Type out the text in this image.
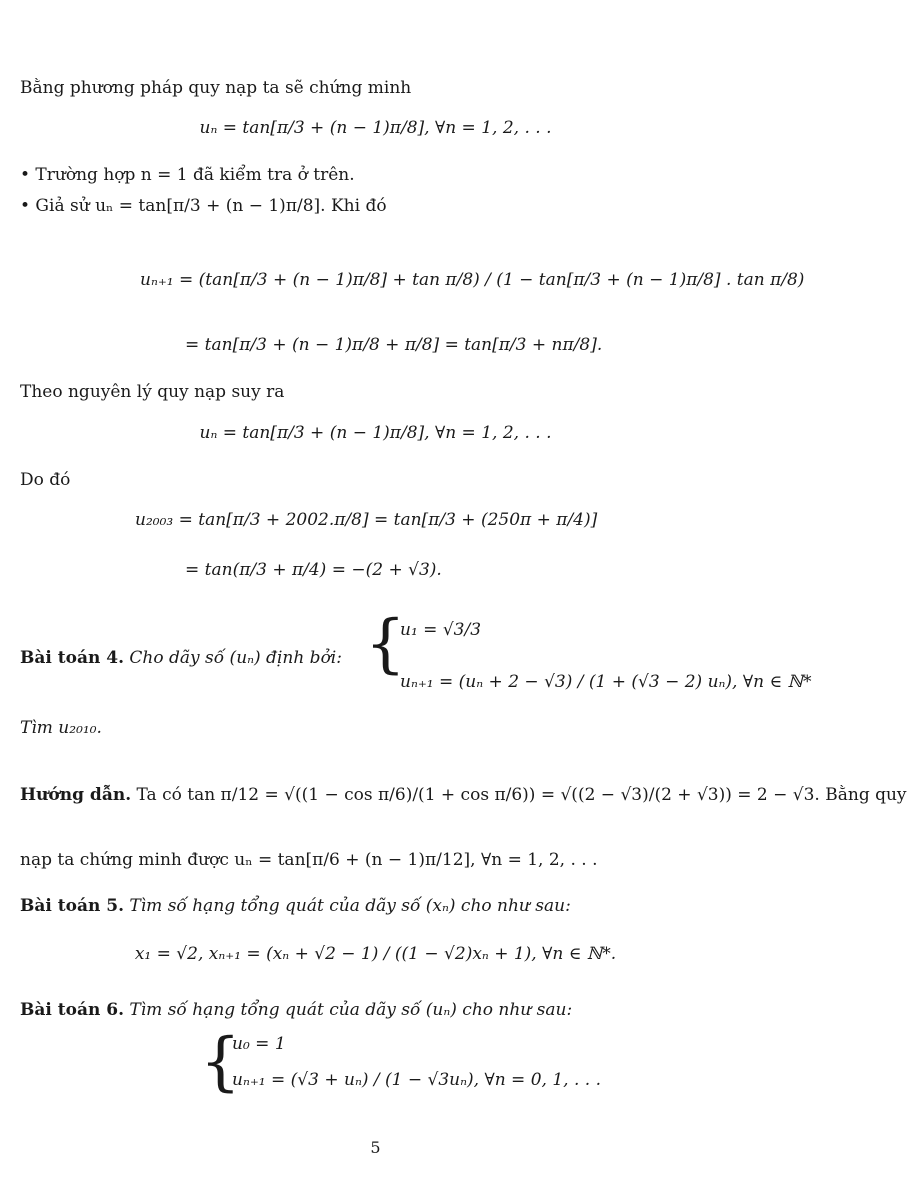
Bằng phương pháp quy nạp ta sẽ chứng minh
uₙ = tan[π/3 + (n − 1)π/8], ∀n = 1, 2, . . .
• Trường hợp n = 1 đã kiểm tra ở trên.
• Giả sử uₙ = tan[π/3 + (n − 1)π/8]. Khi đó
uₙ₊₁ = (tan[π/3 + (n − 1)π/8] + tan π/8) / (1 − tan[π/3 + (n − 1)π/8] . tan π/8)
= tan[π/3 + (n − 1)π/8 + π/8] = tan[π/3 + nπ/8].
Theo nguyên lý quy nạp suy ra
uₙ = tan[π/3 + (n − 1)π/8], ∀n = 1, 2, . . .
Do đó
u₂₀₀₃ = tan[π/3 + 2002.π/8] = tan[π/3 + (250π + π/4)]
= tan(π/3 + π/4) = −(2 + √3).
Bài toán 4. Cho dãy số (uₙ) định bởi: {
u₁ = √3/3
uₙ₊₁ = (uₙ + 2 − √3) / (1 + (√3 − 2) uₙ), ∀n ∈ ℕ*
Tìm u₂₀₁₀.
Hướng dẫn. Ta có tan π/12 = √((1 − cos π/6)/(1 + cos π/6)) = √((2 − √3)/(2 + √3)) = 2 − √3. Bằng quy
nạp ta chứng minh được uₙ = tan[π/6 + (n − 1)π/12], ∀n = 1, 2, . . .
Bài toán 5. Tìm số hạng tổng quát của dãy số (xₙ) cho như sau:
x₁ = √2, xₙ₊₁ = (xₙ + √2 − 1) / ((1 − √2)xₙ + 1), ∀n ∈ ℕ*.
Bài toán 6. Tìm số hạng tổng quát của dãy số (uₙ) cho như sau:
{
u₀ = 1
uₙ₊₁ = (√3 + uₙ) / (1 − √3uₙ), ∀n = 0, 1, . . .
5
